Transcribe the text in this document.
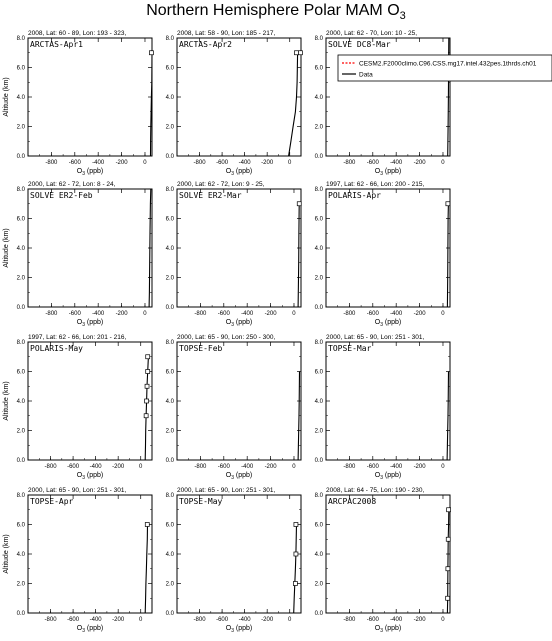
Northern Hemisphere Polar MAM $O_3$
2008, Lat: 60 - 89, Lon: 193 - 323,
ARCTAS-Apr1
-800 -600 -400 -200	0
0.0
2.0
4.0
6.0
8.0
$O_3$ (ppb)
Altitude (km)
2008, Lat: 58 - 90, Lon: 185 - 217,
ARCTAS-Apr2
-800 -600 -400 -200 0
0.0
2.0
4.0
6.0
8.0
$O_3$ (ppb)
2000, Lat: 62 - 70, Lon: 10 - 25,
SOLVE DC8-Mar
-800 -600 -400 -200	0
0.0
2.0
4.0
6.0
8.0
$O_3$ (ppb)
CESM2.F2000climo.C96.CSS.mg17.intel.432pes.1thrds.ch01
Data
2000, Lat: 62 - 72, Lon: 8 - 24,
SOLVE ER2-Feb
-800 -600 -400 -200	0
0.0
2.0
4.0
6.0
8.0
$O_3$ (ppb)
Altitude (km)
2000, Lat: 62 - 72, Lon: 9 - 25,
SOLVE ER2-Mar
-800 -600 -400 -200	0
0.0
2.0
4.0
6.0
8.0
$O_3$ (ppb)
1997, Lat: 62 - 66, Lon: 200 - 215,
POLARIS-Apr
-800 -600 -400 -200	0
0.0
2.0
4.0
6.0
8.0
$O_3$ (ppb)
1997, Lat: 62 - 66, Lon: 201 - 216,
POLARIS-May
-800 -600 -400 -200 0
0.0
2.0
4.0
6.0
8.0
$O_3$ (ppb)
Altitude (km)
2000, Lat: 65 - 90, Lon: 250 - 300,
TOPSE-Feb
-800 -600 -400 -200	0
0.0
2.0
4.0
6.0
8.0
$O_3$ (ppb)
2000, Lat: 65 - 90, Lon: 251 - 301,
TOPSE-Mar
-800 -600 -400 -200	0
0.0
2.0
4.0
6.0
8.0
$O_3$ (ppb)
2000, Lat: 65 - 90, Lon: 251 - 301,
TOPSE-Apr
-800 -600 -400 -200 0
0.0
2.0
4.0
6.0
8.0
$O_3$ (ppb)
Altitude (km)
2000, Lat: 65 - 90, Lon: 251 - 301,
TOPSE-May
-800 -600 -400 -200 0
0.0
2.0
4.0
6.0
8.0
$O_3$ (ppb)
2008, Lat: 64 - 75, Lon: 190 - 230,
ARCPAC2008
-800 -600 -400 -200	0
0.0
2.0
4.0
6.0
8.0
$O_3$ (ppb)
